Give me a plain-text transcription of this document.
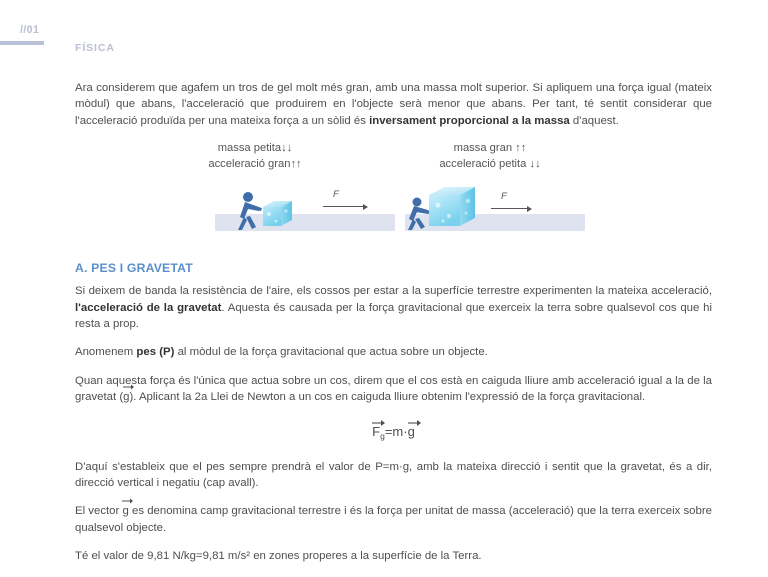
//01
FÍSICA

Ara considerem que agafem un tros de gel molt més gran, amb una massa molt superior. Si apliquem una força igual (mateix mòdul) que abans, l'acceleració que produirem en l'objecte serà menor que abans. Per tant, té sentit considerar que l'acceleració produïda per una mateixa força a un sòlid és inversament proporcional a la massa d'aquest.

massa petita↓↓
acceleració gran↑↑
massa gran ↑↑
acceleració petita ↓↓
F	F
A. PES I GRAVETAT

Si deixem de banda la resistència de l'aire, els cossos per estar a la superfície terrestre experimenten la mateixa acceleració, l'acceleració de la gravetat. Aquesta és causada per la força gravitacional que exerceix la terra sobre qualsevol cos que hi resta a prop.

Anomenem pes (P) al mòdul de la força gravitacional que actua sobre un objecte.

Quan aquesta força és l'única que actua sobre un cos, direm que el cos està en caiguda lliure amb acceleració igual a la de la gravetat (
g). Aplicant la 2a Llei de Newton a un cos en caiguda lliure obtenim l'expressió de la força gravitacional.

$F_g=m\cdot$
g

D'aquí s'estableix que el pes sempre prendrà el valor de P=m·g, amb la mateixa direcció i sentit que la gravetat, és a dir, direcció vertical i negatiu (cap avall).

El vector
g es denomina camp gravitacional terrestre i és la força per unitat de massa (acceleració) que la terra exerceix sobre qualsevol objecte.

Té el valor de 9,81 N/kg=9,81 m/s² en zones properes a la superfície de la Terra.
